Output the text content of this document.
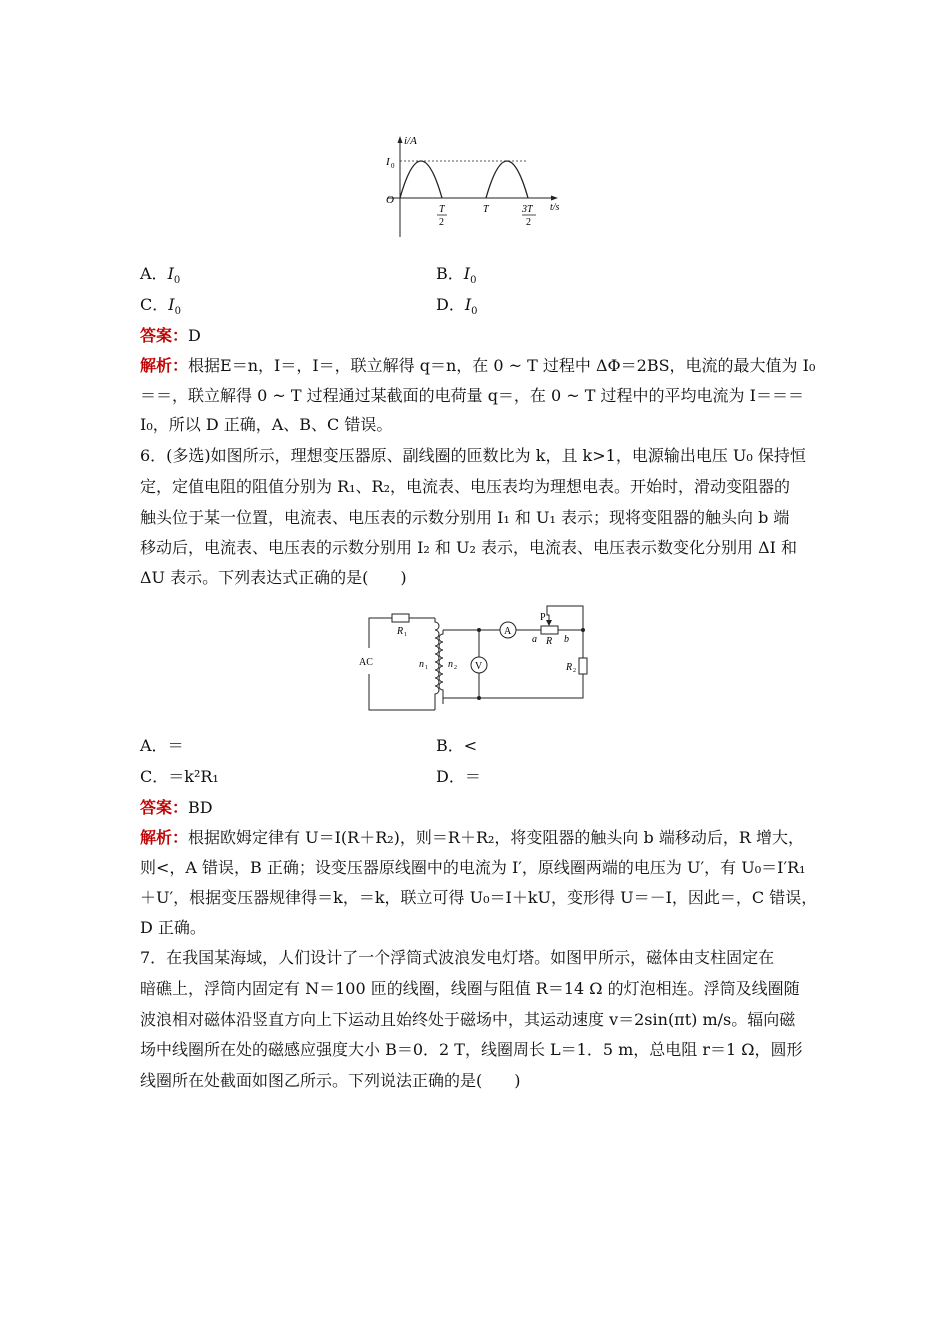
i/A
I 0
O
t/s
T
2
T	3T
2
A．$I_0$	B．$I_0$
C．$I_0$	D．$I_0$
答案：D
解析：根据E＝n，I＝，I＝，联立解得 q＝n，在 0 ~ T 过程中 ΔΦ＝2BS，电流的最大值为 I₀
＝＝，联立解得 0 ~ T 过程通过某截面的电荷量 q＝，在 0 ~ T 过程中的平均电流为 I＝＝＝
I₀，所以 D 正确，A、B、C 错误。
6．(多选)如图所示，理想变压器原、副线圈的匝数比为 k，且 k>1，电源输出电压 U₀ 保持恒
定，定值电阻的阻值分别为 R₁、R₂，电流表、电压表均为理想电表。开始时，滑动变阻器的
触头位于某一位置，电流表、电压表的示数分别用 I₁ 和 U₁ 表示；现将变阻器的触头向 b 端
移动后，电流表、电压表的示数分别用 I₂ 和 U₂ 表示，电流表、电压表示数变化分别用 ΔI 和
ΔU 表示。下列表达式正确的是(　　)
AC
R 1
n 1 n 2 V
A
P
a R b
R 2
A．＝	B．<
C．＝k²R₁	D．＝
答案：BD
解析：根据欧姆定律有 U＝I(R＋R₂)，则＝R＋R₂，将变阻器的触头向 b 端移动后，R 增大，
则<，A 错误，B 正确；设变压器原线圈中的电流为 I′，原线圈两端的电压为 U′，有 U₀＝I′R₁
＋U′，根据变压器规律得＝k，＝k，联立可得 U₀＝I＋kU，变形得 U＝－I，因此＝，C 错误，
D 正确。
7．在我国某海域，人们设计了一个浮筒式波浪发电灯塔。如图甲所示，磁体由支柱固定在
暗礁上，浮筒内固定有 N＝100 匝的线圈，线圈与阻值 R＝14 Ω 的灯泡相连。浮筒及线圈随
波浪相对磁体沿竖直方向上下运动且始终处于磁场中，其运动速度 v＝2sin(πt) m/s。辐向磁
场中线圈所在处的磁感应强度大小 B＝0．2 T，线圈周长 L＝1．5 m，总电阻 r＝1 Ω，圆形
线圈所在处截面如图乙所示。下列说法正确的是(　　)
